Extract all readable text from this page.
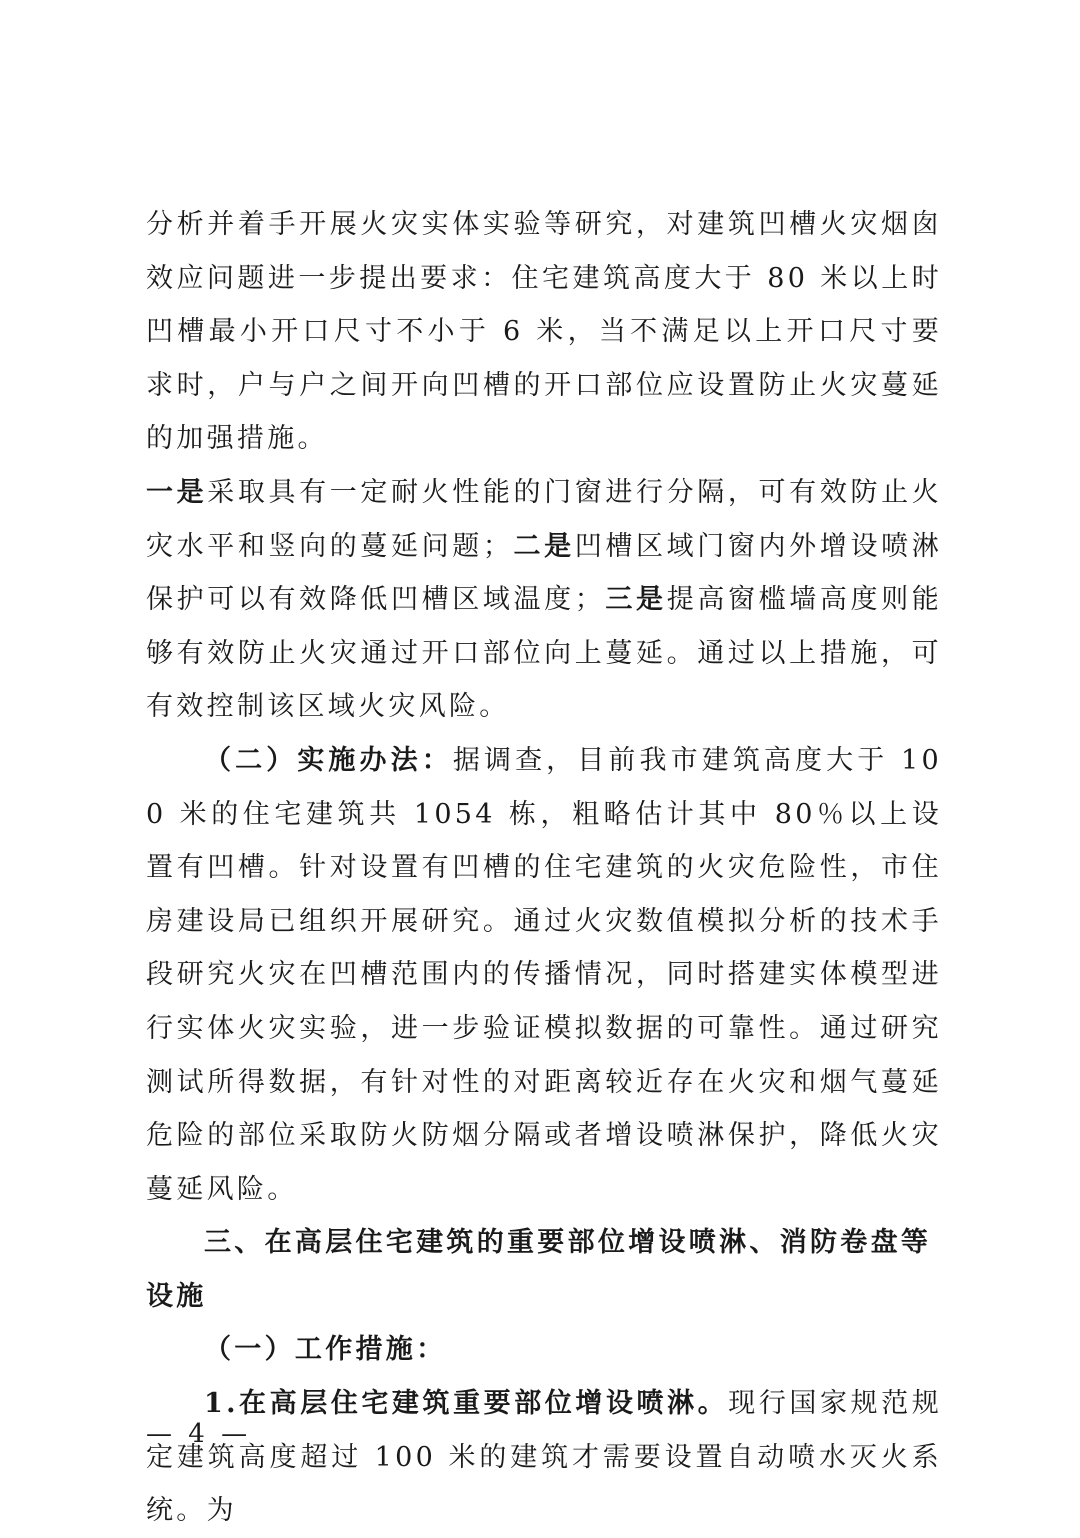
分析并着手开展火灾实体实验等研究，对建筑凹槽火灾烟囱效应问题进一步提出要求：住宅建筑高度大于 80 米以上时凹槽最小开口尺寸不小于 6 米，当不满足以上开口尺寸要求时，户与户之间开向凹槽的开口部位应设置防止火灾蔓延的加强措施。

一是采取具有一定耐火性能的门窗进行分隔，可有效防止火灾水平和竖向的蔓延问题；二是凹槽区域门窗内外增设喷淋保护可以有效降低凹槽区域温度；三是提高窗槛墙高度则能够有效防止火灾通过开口部位向上蔓延。通过以上措施，可有效控制该区域火灾风险。

（二）实施办法：据调查，目前我市建筑高度大于 100 米的住宅建筑共 1054 栋，粗略估计其中 80％以上设置有凹槽。针对设置有凹槽的住宅建筑的火灾危险性，市住房建设局已组织开展研究。通过火灾数值模拟分析的技术手段研究火灾在凹槽范围内的传播情况，同时搭建实体模型进行实体火灾实验，进一步验证模拟数据的可靠性。通过研究测试所得数据，有针对性的对距离较近存在火灾和烟气蔓延危险的部位采取防火防烟分隔或者增设喷淋保护，降低火灾蔓延风险。

三、在高层住宅建筑的重要部位增设喷淋、消防卷盘等设施

（一）工作措施：

1.在高层住宅建筑重要部位增设喷淋。现行国家规范规定建筑高度超过 100 米的建筑才需要设置自动喷水灭火系统。为

— 4 —
